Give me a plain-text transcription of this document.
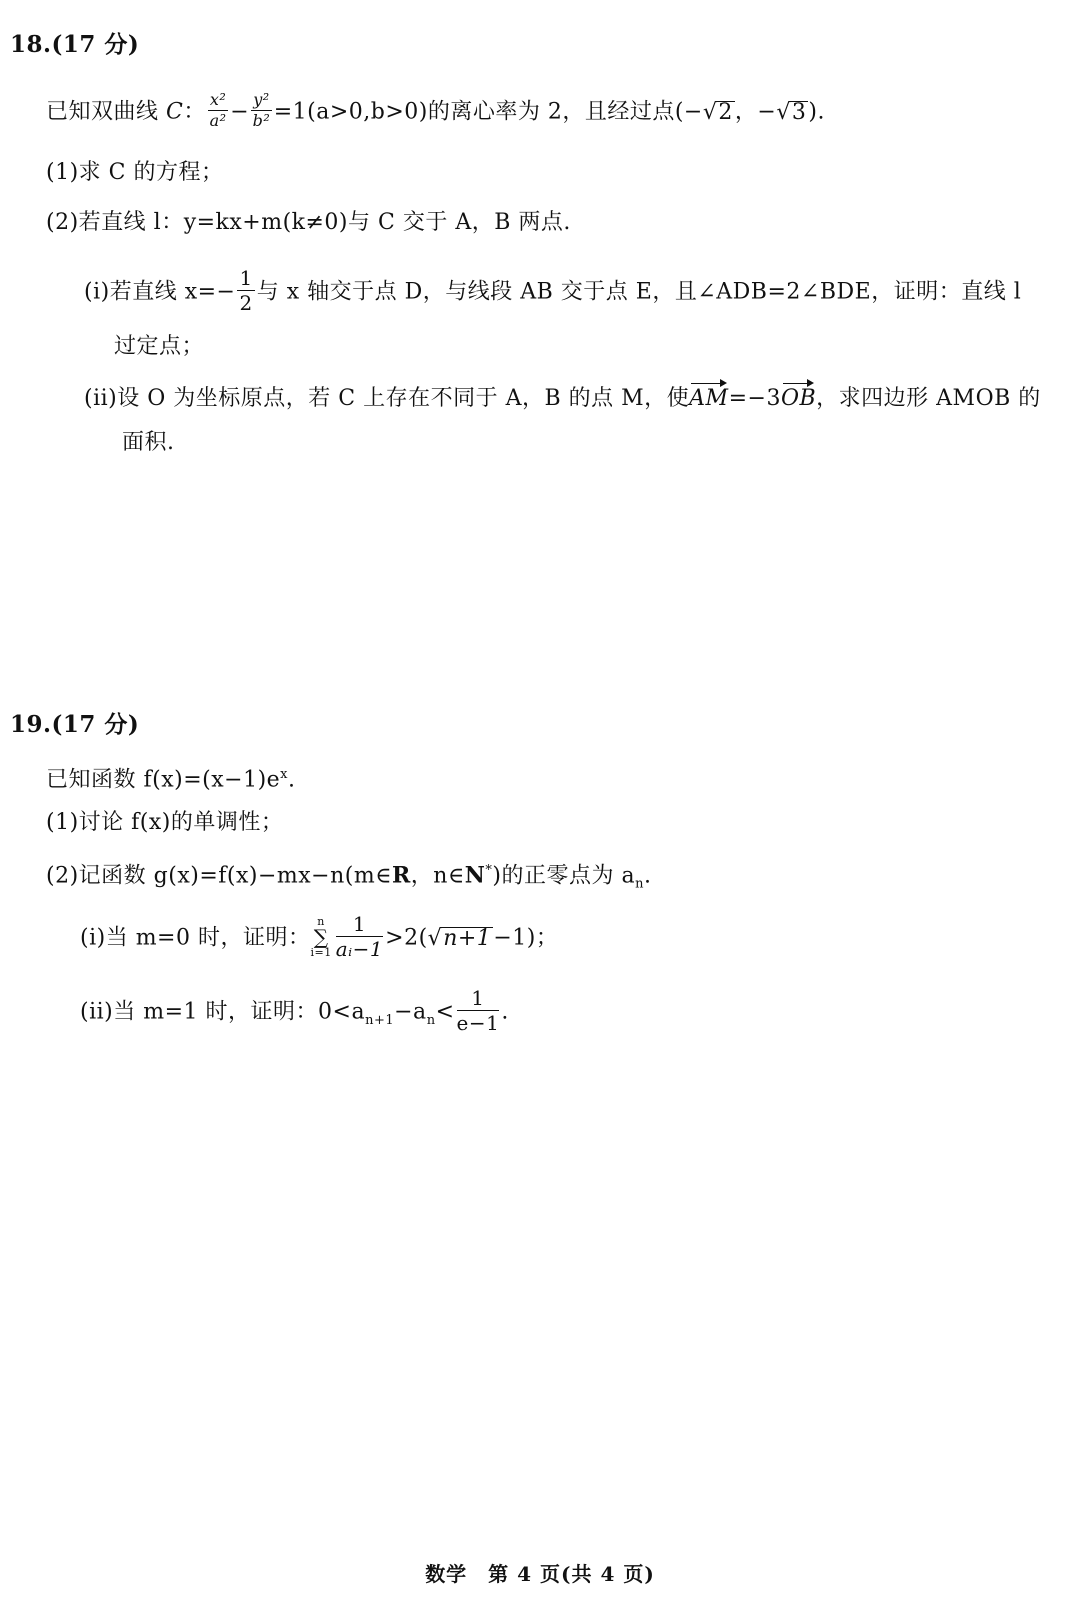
18.(17 分)
已知双曲线 C： $\frac{\text{x²}}{\text{a²}} - \frac{\text{y²}}{\text{b²}} =1(a>0,b>0)$的离心率为 2，且经过点(−√2，−√3).
(1)求 C 的方程；
(2)若直线 l：y=kx+m(k≠0)与 C 交于 A，B 两点.
(i)若直线 $x=- \frac{1}{2}$ 与 x 轴交于点 D，与线段 AB 交于点 E，且∠ADB=2∠BDE，证明：直线 l
过定点；
(ii)设 O 为坐标原点，若 C 上存在不同于 A，B 的点 M，使AM=−3OB，求四边形 AMOB 的
面积.
19.(17 分)
已知函数 $f(x)=(x-1)e^x$.
(1)讨论 f(x)的单调性；
(2)记函数 g(x)=f(x)−mx−n(m∈R，n∈N*)的正零点为 $a_n$.
(i)当 m=0 时，证明：
n
∑
$i=1 \frac{1}{\text{aᵢ−1}} >2(√n+1-1)$；
(ii)当 m=1 时，证明：$0<a_{n+1}-a_n< \frac{1}{e-1}$ .
数学　第 4 页(共 4 页)
